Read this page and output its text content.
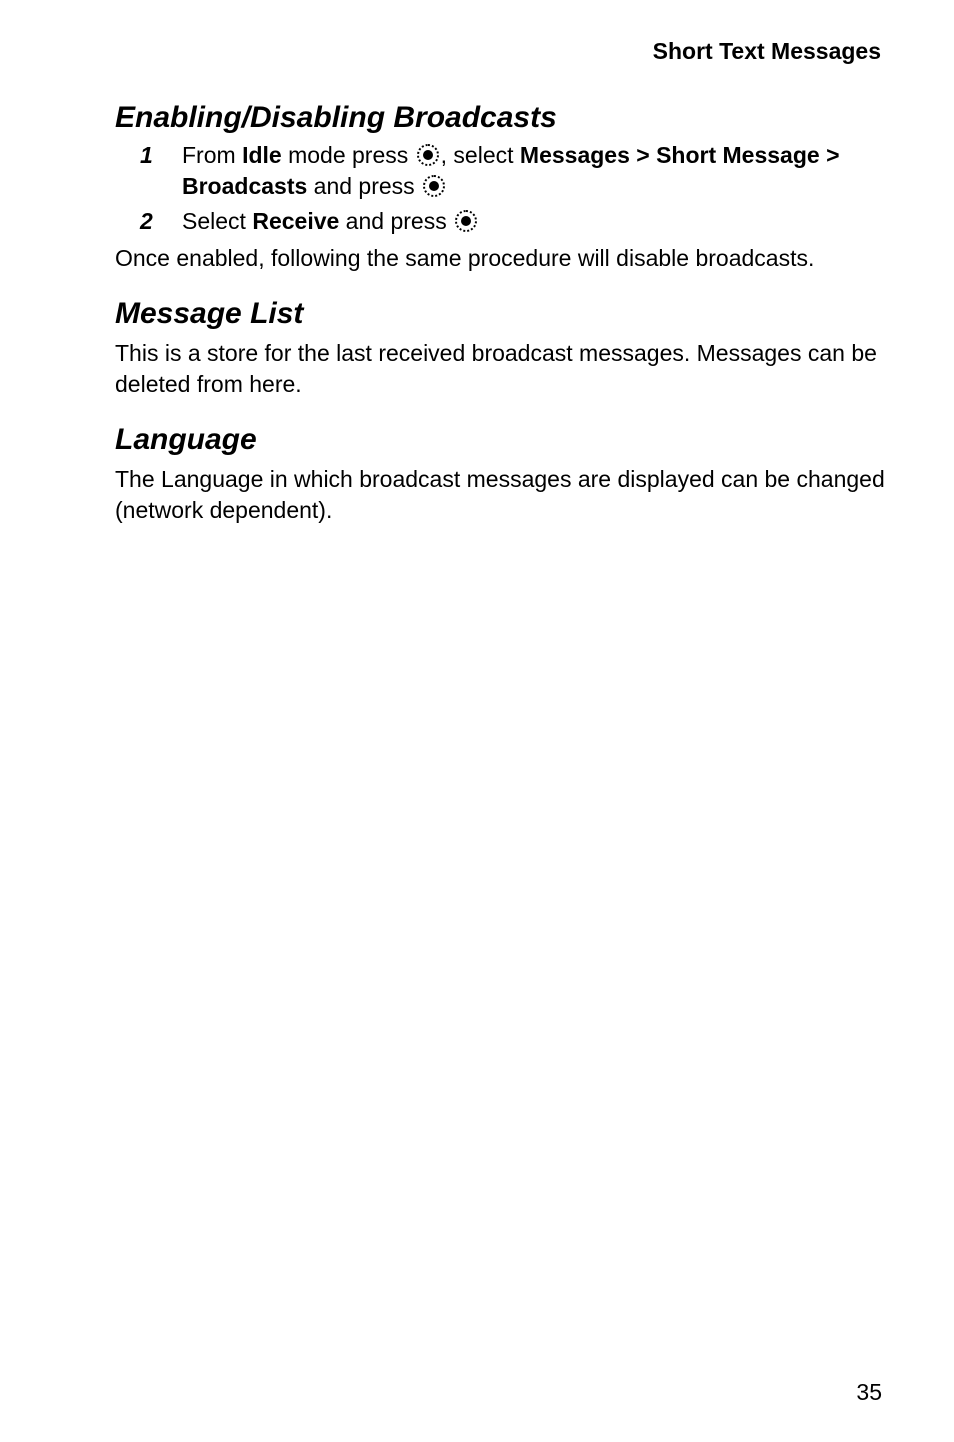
Short Text Messages
Enabling/Disabling Broadcasts
1 From Idle mode press , select Messages > Short Message > Broadcasts and press
2 Select Receive and press

Once enabled, following the same procedure will disable broadcasts.

Message List

This is a store for the last received broadcast messages. Messages can be deleted from here.

Language

The Language in which broadcast messages are displayed can be changed (network dependent).

35
